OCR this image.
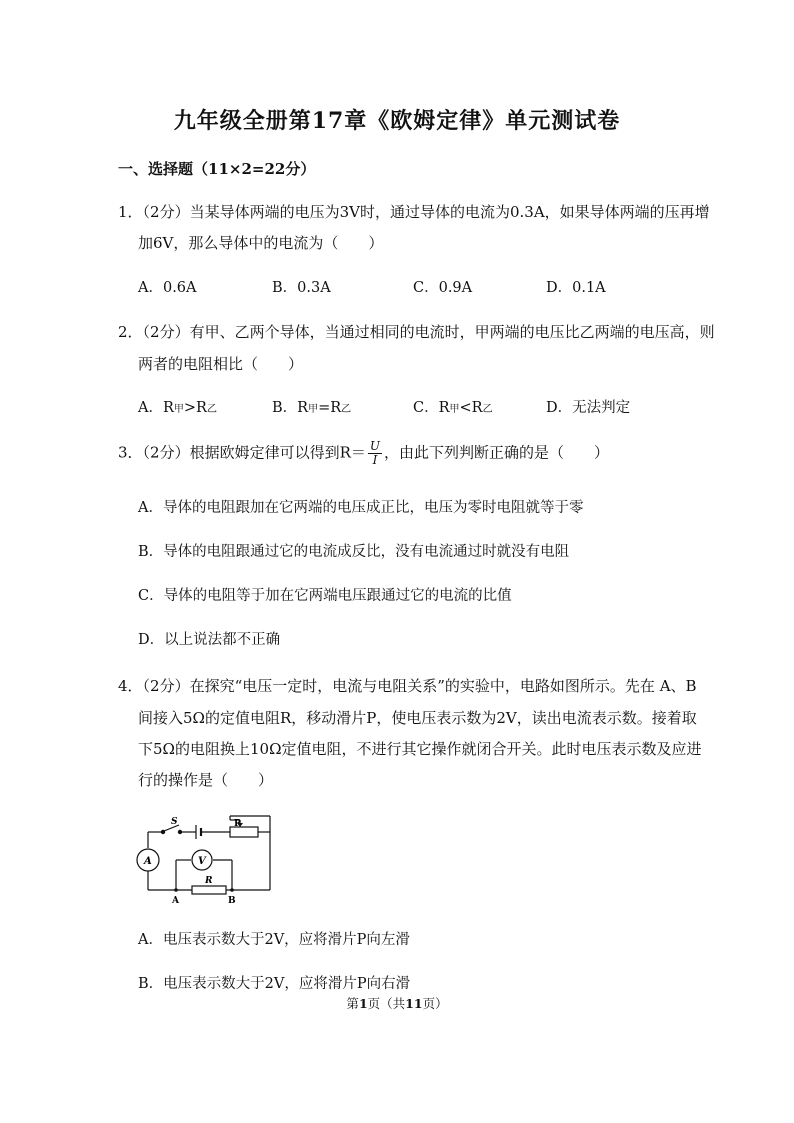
九年级全册第17章《欧姆定律》单元测试卷
一、选择题（11×2=22分）
1．（2分）当某导体两端的电压为3V时，通过导体的电流为0.3A，如果导体两端的压再增
加6V，那么导体中的电流为（　　）
A．0.6A	B．0.3A	C．0.9A	D．0.1A
2．（2分）有甲、乙两个导体，当通过相同的电流时，甲两端的电压比乙两端的电压高，则
两者的电阻相比（　　）
A．R甲>R乙	B．R甲=R乙	C．R甲<R乙	D．无法判定
3．（2分）根据欧姆定律可以得到$R= \frac{U}{I}$ ，由此下列判断正确的是（　　）
A．导体的电阻跟加在它两端的电压成正比，电压为零时电阻就等于零
B．导体的电阻跟通过它的电流成反比，没有电流通过时就没有电阻
C．导体的电阻等于加在它两端电压跟通过它的电流的比值
D．以上说法都不正确
4．（2分）在探究“电压一定时，电流与电阻关系”的实验中，电路如图所示。先在 A、B
间接入5Ω的定值电阻R，移动滑片P，使电压表示数为2V，读出电流表示数。接着取
下5Ω的电阻换上10Ω定值电阻，不进行其它操作就闭合开关。此时电压表示数及应进
行的操作是（　　）
S	P
A	V
R
A	B
A．电压表示数大于2V，应将滑片P向左滑
B．电压表示数大于2V，应将滑片P向右滑
第1页（共11页）
